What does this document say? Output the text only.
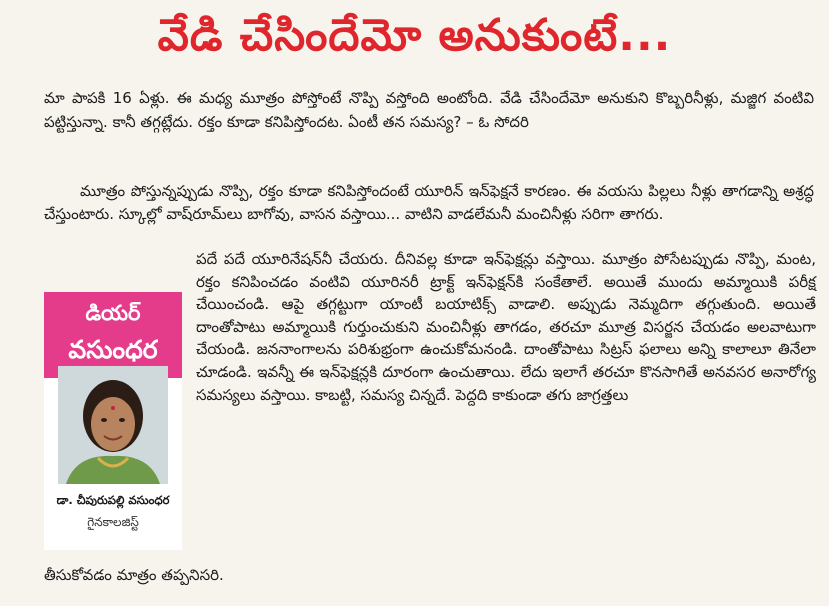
వేడి చేసిందేమో అనుకుంటే...
మా పాపకి 16 ఏళ్లు. ఈ మధ్య మూత్రం పోస్తోంటే నొప్పి వస్తోంది అంటోంది. వేడి చేసిందేమో అనుకుని కొబ్బరినీళ్లు, మజ్జిగ వంటివి పట్టిస్తున్నా. కానీ తగ్గట్లేదు. రక్తం కూడా కనిపిస్తోందట. ఏంటీ తన సమస్య? – ఓ సోదరి
మూత్రం పోస్తున్నప్పుడు నొప్పి, రక్తం కూడా కనిపిస్తోందంటే యూరిన్ ఇన్‌ఫెక్షనే కారణం. ఈ వయసు పిల్లలు నీళ్లు తాగడాన్ని అశ్రద్ధ చేస్తుంటారు. స్కూల్లో వాష్‌రూమ్‌లు బాగోవు, వాసన వస్తాయి... వాటిని వాడలేమనీ మంచినీళ్లు సరిగా తాగరు.
పదే పదే యూరినేషన్‌నీ చేయరు. దీనివల్ల కూడా ఇన్‌ఫెక్షన్లు వస్తాయి. మూత్రం పోసేటప్పుడు నొప్పి, మంట, రక్తం కనిపించడం వంటివి యూరినరీ ట్రాక్ట్ ఇన్‌ఫెక్షన్‌కి సంకేతాలే. అయితే ముందు అమ్మాయికి పరీక్ష చేయించండి. ఆపై తగ్గట్టుగా యాంటీ బయాటిక్స్ వాడాలి. అప్పుడు నెమ్మదిగా తగ్గుతుంది. అయితే దాంతోపాటు అమ్మాయికి గుర్తుంచుకుని మంచినీళ్లు తాగడం, తరచూ మూత్ర విసర్జన చేయడం అలవాటుగా చేయండి. జననాంగాలను పరిశుభ్రంగా ఉంచుకోమనండి. దాంతోపాటు సిట్రస్ ఫలాలు అన్ని కాలాలూ తినేలా చూడండి. ఇవన్నీ ఈ ఇన్‌ఫెక్షన్లకి దూరంగా ఉంచుతాయి. లేదు ఇలాగే తరచూ కొనసాగితే అనవసర అనారోగ్య సమస్యలు వస్తాయి. కాబట్టి, సమస్య చిన్నదే. పెద్దది కాకుండా తగు జాగ్రత్తలు
తీసుకోవడం మాత్రం తప్పనిసరి.
డియర్
వసుంధర
డా. చీపురుపల్లి వసుంధర
గైనకాలజిస్ట్
